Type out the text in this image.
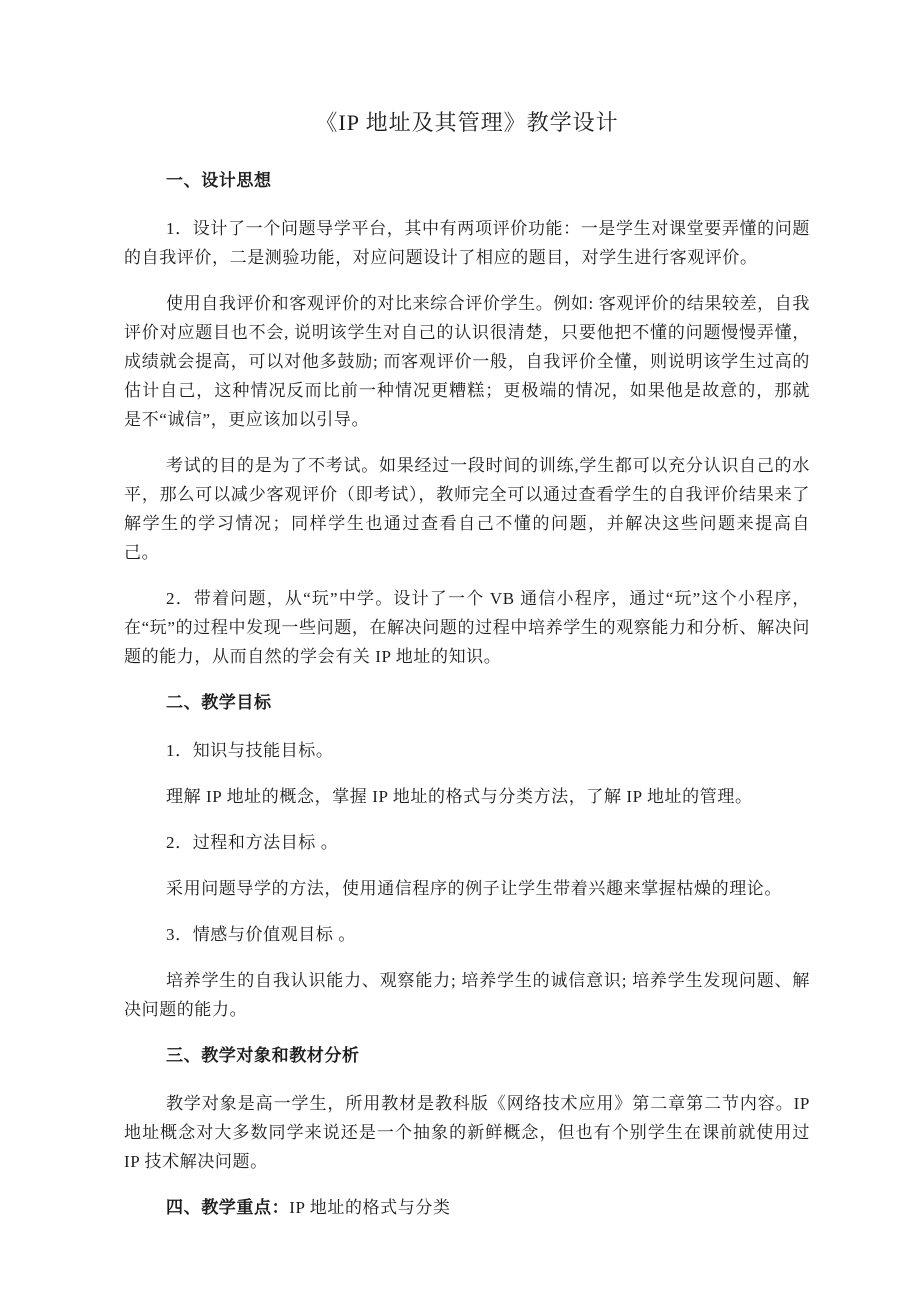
《IP 地址及其管理》教学设计
一、设计思想

1．设计了一个问题导学平台，其中有两项评价功能：一是学生对课堂要弄懂的问题的自我评价，二是测验功能，对应问题设计了相应的题目，对学生进行客观评价。

使用自我评价和客观评价的对比来综合评价学生。例如: 客观评价的结果较差，自我评价对应题目也不会, 说明该学生对自己的认识很清楚，只要他把不懂的问题慢慢弄懂，成绩就会提高，可以对他多鼓励; 而客观评价一般，自我评价全懂，则说明该学生过高的估计自己，这种情况反而比前一种情况更糟糕；更极端的情况，如果他是故意的，那就是不“诚信”，更应该加以引导。

考试的目的是为了不考试。如果经过一段时间的训练,学生都可以充分认识自己的水平，那么可以减少客观评价（即考试），教师完全可以通过查看学生的自我评价结果来了解学生的学习情况；同样学生也通过查看自己不懂的问题，并解决这些问题来提高自己。

2．带着问题，从“玩”中学。设计了一个 VB 通信小程序，通过“玩”这个小程序，在“玩”的过程中发现一些问题，在解决问题的过程中培养学生的观察能力和分析、解决问题的能力，从而自然的学会有关 IP 地址的知识。

二、教学目标

1．知识与技能目标。

理解 IP 地址的概念，掌握 IP 地址的格式与分类方法，了解 IP 地址的管理。

2．过程和方法目标 。

采用问题导学的方法，使用通信程序的例子让学生带着兴趣来掌握枯燥的理论。

3．情感与价值观目标 。

培养学生的自我认识能力、观察能力; 培养学生的诚信意识; 培养学生发现问题、解决问题的能力。

三、教学对象和教材分析

教学对象是高一学生，所用教材是教科版《网络技术应用》第二章第二节内容。IP 地址概念对大多数同学来说还是一个抽象的新鲜概念，但也有个别学生在课前就使用过 IP 技术解决问题。

四、教学重点：IP 地址的格式与分类
